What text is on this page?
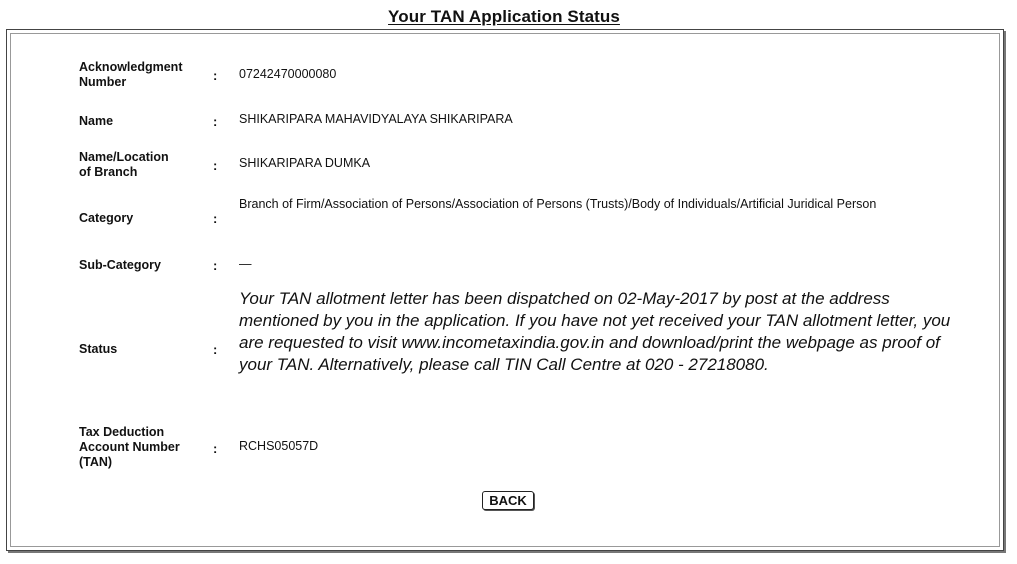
Your TAN Application Status
Acknowledgment
Number	: 07242470000080
Name	: SHIKARIPARA MAHAVIDYALAYA SHIKARIPARA
Name/Location
of Branch	: SHIKARIPARA DUMKA
Category	:
Branch of Firm/Association of Persons/Association of Persons (Trusts)/Body of Individuals/Artificial Juridical Person
Sub-Category	: —
Status	:
Your TAN allotment letter has been dispatched on 02-May-2017 by post at the address mentioned by you in the application. If you have not yet received your TAN allotment letter, you are requested to visit www.incometaxindia.gov.in and download/print the webpage as proof of your TAN. Alternatively, please call TIN Call Centre at 020 - 27218080.
Tax Deduction
Account Number
(TAN)
: RCHS05057D
BACK
